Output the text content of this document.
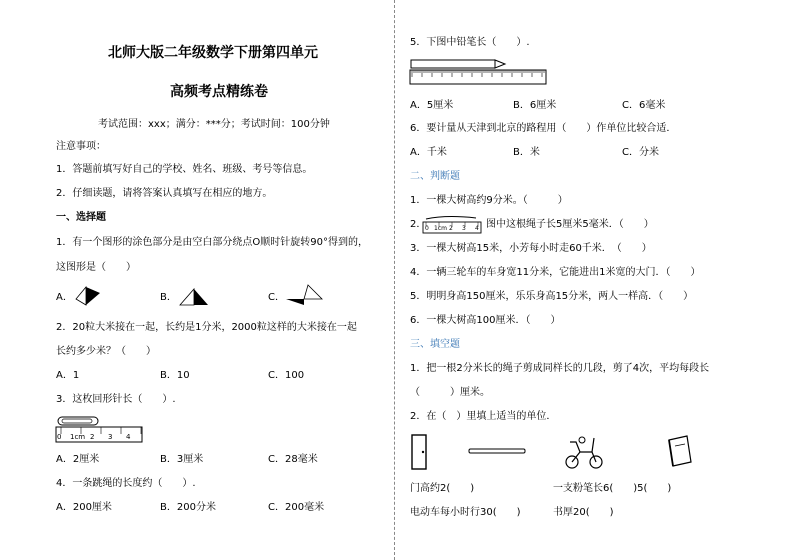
北师大版二年级数学下册第四单元
高频考点精练卷
考试范围：xxx；满分：***分；考试时间：100分钟
注意事项：
1．答题前填写好自己的学校、姓名、班级、考号等信息。
2．仔细读题，请将答案认真填写在相应的地方。
一、选择题
1．有一个图形的涂色部分是由空白部分绕点O顺时针旋转90°得到的，
这图形是（　　）
A．	B．	C．
2．20粒大米接在一起，长约是1分米，2000粒这样的大米接在一起
长约多少米？（　　）
A．1	B．10	C．100
3．这枚回形针长（　　）.
0 1cm 2 3 4
A．2厘米	B．3厘米	C．28毫米
4．一条跳绳的长度约（　　）.
A．200厘米	B．200分米	C．200毫米
5．下图中铅笔长（　　）.
A．5厘米	B．6厘米	C．6毫米
6．要计量从天津到北京的路程用（　　）作单位比较合适．
A．千米	B．米	C．分米
二、判断题
1．一棵大树高约9分米。（　　　）
2．
0 1cm 2 3 4 图中这根绳子长5厘米5毫米．（　　）
3．一棵大树高15米，小芳每小时走60千米．　（　　）
4．一辆三轮车的车身宽11分米，它能进出1米宽的大门．（　　）
5．明明身高150厘米，乐乐身高15分米，两人一样高．（　　）
6．一棵大树高100厘米．（　　）
三、填空题
1．把一根2分米长的绳子剪成同样长的几段，剪了4次，平均每段长
（　　　）厘米。
2．在（　）里填上适当的单位．
门高约2(　　)	一支粉笔长6(　　)5(　　)
电动车每小时行30(　　)	书厚20(　　)
